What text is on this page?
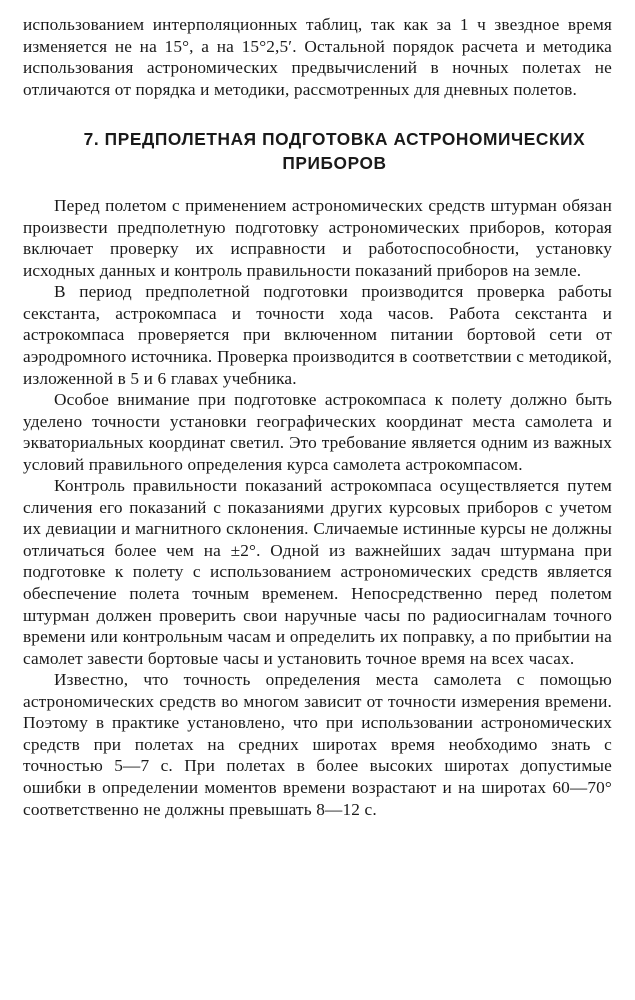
использованием интерполяционных таблиц, так как за 1 ч звездное время изменяется не на 15°, а на 15°2,5′. Остальной порядок расчета и методика использования астрономических предвычислений в ночных полетах не отличаются от порядка и методики, рассмотренных для дневных полетов.

7. ПРЕДПОЛЕТНАЯ ПОДГОТОВКА АСТРОНОМИЧЕСКИХ
ПРИБОРОВ

Перед полетом с применением астрономических средств штурман обязан произвести предполетную подготовку астрономических приборов, которая включает проверку их исправности и работоспособности, установку исходных данных и контроль правильности показаний приборов на земле.

В период предполетной подготовки производится проверка работы секстанта, астрокомпаса и точности хода часов. Работа секстанта и астрокомпаса проверяется при включенном питании бортовой сети от аэродромного источника. Проверка производится в соответствии с методикой, изложенной в 5 и 6 главах учебника.

Особое внимание при подготовке астрокомпаса к полету должно быть уделено точности установки географических координат места самолета и экваториальных координат светил. Это требование является одним из важных условий правильного определения курса самолета астрокомпасом.

Контроль правильности показаний астрокомпаса осуществляется путем сличения его показаний с показаниями других курсовых приборов с учетом их девиации и магнитного склонения. Сличаемые истинные курсы не должны отличаться более чем на ±2°. Одной из важнейших задач штурмана при подготовке к полету с использованием астрономических средств является обеспечение полета точным временем. Непосредственно перед полетом штурман должен проверить свои наручные часы по радиосигналам точного времени или контрольным часам и определить их поправку, а по прибытии на самолет завести бортовые часы и установить точное время на всех часах.

Известно, что точность определения места самолета с помощью астрономических средств во многом зависит от точности измерения времени. Поэтому в практике установлено, что при использовании астрономических средств при полетах на средних широтах время необходимо знать с точностью 5—7 с. При полетах в более высоких широтах допустимые ошибки в определении моментов времени возрастают и на широтах 60—70° соответственно не должны превышать 8—12 с.
